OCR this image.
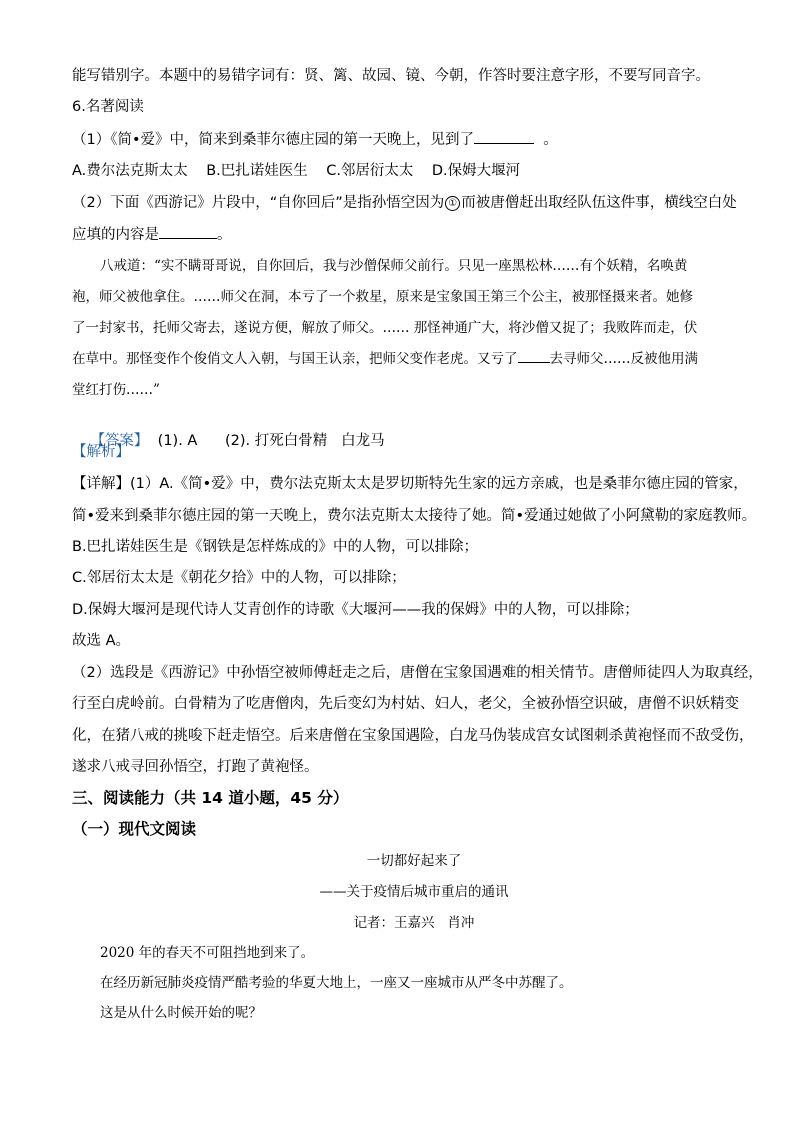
能写错别字。本题中的易错字词有：贤、篱、故园、镜、今朝，作答时要注意字形，不要写同音字。
6.名著阅读
（1）《简•爱》中，简来到桑菲尔德庄园的第一天晚上，见到了	。
A.费尔法克斯太太    B.巴扎诺娃医生    C.邻居衍太太    D.保姆大堰河
（2）下面《西游记》片段中，“自你回后”是指孙悟空因为 ① 而被唐僧赶出取经队伍这件事，横线空白处
应填的内容是	。
八戒道：“实不瞒哥哥说，自你回后，我与沙僧保师父前行。只见一座黑松林……有个妖精，名唤黄
袍，师父被他拿住。……师父在洞，本亏了一个救星，原来是宝象国王第三个公主，被那怪摄来者。她修
了一封家书，托师父寄去，遂说方便，解放了师父。…… 那怪神通广大，将沙僧又捉了；我败阵而走，伏
在草中。那怪变作个俊俏文人入朝，与国王认亲，把师父变作老虎。又亏了 去寻师父……反被他用满
堂红打伤……”

【答案】  (1). A      (2). 打死白骨精   白龙马

【解析】
【详解】(1）A.《简•爱》中，费尔法克斯太太是罗切斯特先生家的远方亲戚，也是桑菲尔德庄园的管家，
简•爱来到桑菲尔德庄园的第一天晚上，费尔法克斯太太接待了她。简•爱通过她做了小阿黛勒的家庭教师。
B.巴扎诺娃医生是《钢铁是怎样炼成的》中的人物，可以排除；
C.邻居衍太太是《朝花夕拾》中的人物，可以排除；
D.保姆大堰河是现代诗人艾青创作的诗歌《大堰河——我的保姆》中的人物，可以排除；
故选 A。
（2）选段是《西游记》中孙悟空被师傅赶走之后，唐僧在宝象国遇难的相关情节。唐僧师徒四人为取真经，
行至白虎岭前。白骨精为了吃唐僧肉，先后变幻为村姑、妇人，老父，全被孙悟空识破，唐僧不识妖精变
化，在猪八戒的挑唆下赶走悟空。后来唐僧在宝象国遇险，白龙马伪装成宫女试图刺杀黄袍怪而不敌受伤，
遂求八戒寻回孙悟空，打跑了黄袍怪。
三、阅读能力（共 14 道小题，45 分）
（一）现代文阅读
一切都好起来了
——关于疫情后城市重启的通讯
记者：王嘉兴   肖冲
2020 年的春天不可阻挡地到来了。
在经历新冠肺炎疫情严酷考验的华夏大地上，一座又一座城市从严冬中苏醒了。
这是从什么时候开始的呢？
